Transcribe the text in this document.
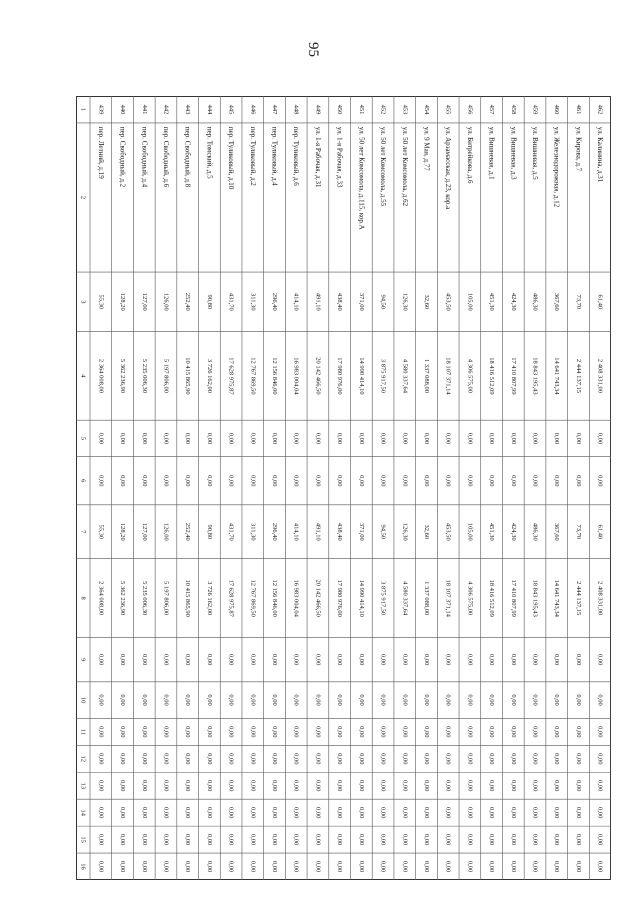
95
1
2
3
4
5
6
7
8
9
10
11
12
13
14
15
16
439
пер. Летний, д.19
55,30
2 364 008,00
0,00
0,00
55,30
2 364 008,00
0,00
0,00
0,00
0,00
0,00
0,00
0,00
0,00
440
пер. Свободный, д.2
128,20
5 362 236,90
0,00
0,00
128,20
5 362 236,90
0,00
0,00
0,00
0,00
0,00
0,00
0,00
0,00
441
пер. Свободный, д.4
127,00
5 235 006,30
0,00
0,00
127,00
5 235 006,30
0,00
0,00
0,00
0,00
0,00
0,00
0,00
0,00
442
пер. Свободный, д.6
126,00
5 197 806,00
0,00
0,00
126,00
5 197 806,00
0,00
0,00
0,00
0,00
0,00
0,00
0,00
0,00
443
пер. Свободный, д.8
252,40
10 415 865,90
0,00
0,00
252,40
10 415 865,90
0,00
0,00
0,00
0,00
0,00
0,00
0,00
0,00
444
пер. Томский, д.5
90,80
3 726 162,00
0,00
0,00
90,80
3 726 162,00
0,00
0,00
0,00
0,00
0,00
0,00
0,00
0,00
445
пер. Туликовый, д.10
431,70
17 628 975,87
0,00
0,00
431,70
17 628 975,87
0,00
0,00
0,00
0,00
0,00
0,00
0,00
0,00
446
пер. Туликовый, д.2
311,30
12 767 869,50
0,00
0,00
311,30
12 767 869,50
0,00
0,00
0,00
0,00
0,00
0,00
0,00
0,00
447
пер. Туликовый, д.4
296,40
12 156 846,00
0,00
0,00
296,40
12 156 846,00
0,00
0,00
0,00
0,00
0,00
0,00
0,00
0,00
448
пер. Туликовый, д.6
414,10
16 983 004,04
0,00
0,00
414,10
16 983 004,04
0,00
0,00
0,00
0,00
0,00
0,00
0,00
0,00
449
ул. 1-я Рабочая, д.31
491,10
20 142 466,50
0,00
0,00
491,10
20 142 466,50
0,00
0,00
0,00
0,00
0,00
0,00
0,00
0,00
450
ул. 1-я Рабочая, д.33
438,40
17 980 976,00
0,00
0,00
438,40
17 980 976,00
0,00
0,00
0,00
0,00
0,00
0,00
0,00
0,00
451
ул. 50 лет Комсомола, д.115, кор.А
371,00
14 990 414,10
0,00
0,00
371,00
14 990 414,10
0,00
0,00
0,00
0,00
0,00
0,00
0,00
0,00
452
ул. 50 лет Комсомола, д.55
94,50
3 875 917,50
0,00
0,00
94,50
3 875 917,50
0,00
0,00
0,00
0,00
0,00
0,00
0,00
0,00
453
ул. 50 лет Комсомола, д.62
126,30
4 580 337,64
0,00
0,00
126,30
4 580 337,64
0,00
0,00
0,00
0,00
0,00
0,00
0,00
0,00
454
ул. 9 Мая, д.77
32,60
1 337 088,00
0,00
0,00
32,60
1 337 088,00
0,00
0,00
0,00
0,00
0,00
0,00
0,00
0,00
455
ул. Арзамасская, д.23, кор.а
453,50
18 107 371,14
0,00
0,00
453,50
18 107 371,14
0,00
0,00
0,00
0,00
0,00
0,00
0,00
0,00
456
ул. Битрейкова, д.6
105,00
4 306 575,00
0,00
0,00
105,00
4 306 575,00
0,00
0,00
0,00
0,00
0,00
0,00
0,00
0,00
457
ул. Вишневая, д.1
451,30
18 416 512,09
0,00
0,00
451,30
18 416 512,09
0,00
0,00
0,00
0,00
0,00
0,00
0,00
0,00
458
ул. Вишневая, д.3
424,30
17 410 807,99
0,00
0,00
424,30
17 410 807,99
0,00
0,00
0,00
0,00
0,00
0,00
0,00
0,00
459
ул. Вишневая, д.5
486,30
18 843 195,43
0,00
0,00
486,30
18 843 195,43
0,00
0,00
0,00
0,00
0,00
0,00
0,00
0,00
460
ул. Железнодорожная, д.12
367,60
14 641 743,34
0,00
0,00
367,60
14 641 743,34
0,00
0,00
0,00
0,00
0,00
0,00
0,00
0,00
461
ул. Кирова, д.7
73,70
2 444 137,15
0,00
0,00
73,70
2 444 137,15
0,00
0,00
0,00
0,00
0,00
0,00
0,00
0,00
462
ул. Калинина, д.31
61,40
2 408 331,00
0,00
0,00
61,40
2 408 331,00
0,00
0,00
0,00
0,00
0,00
0,00
0,00
0,00
